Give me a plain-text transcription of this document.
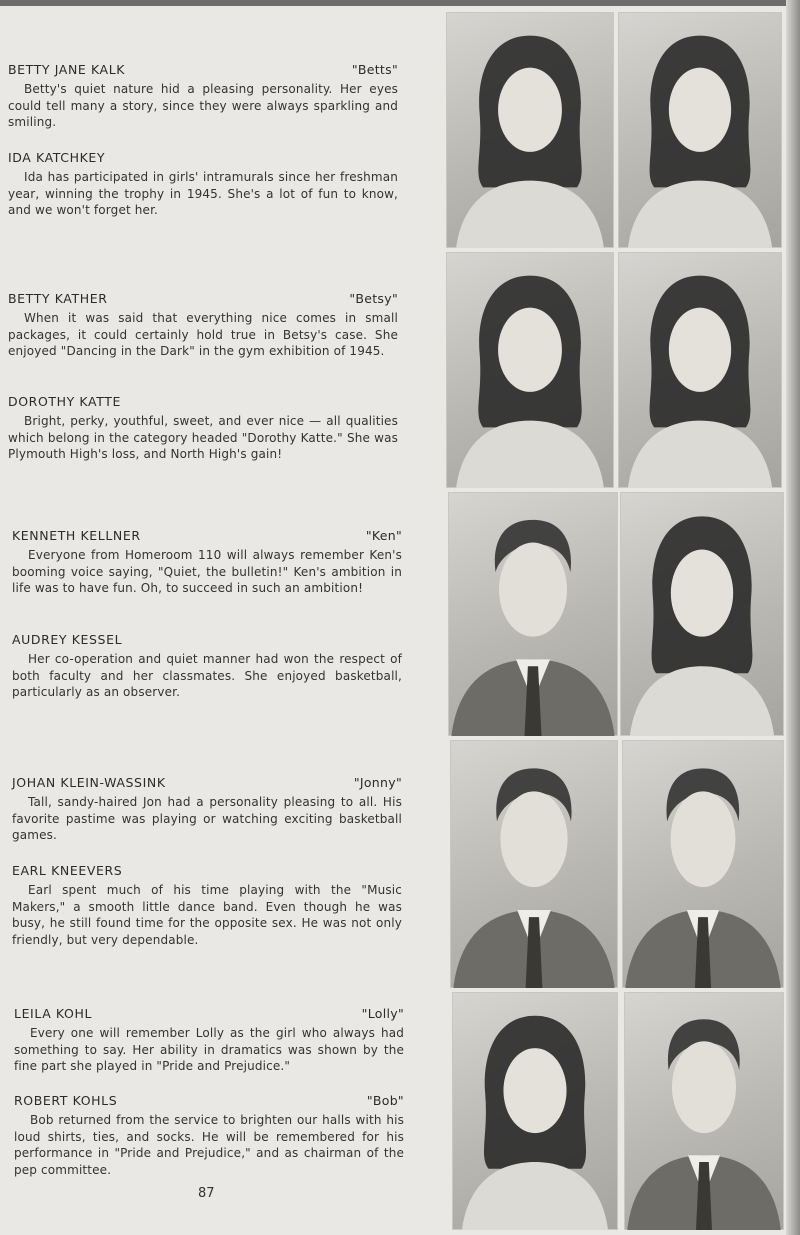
BETTY JANE KALK	"Betts"
Betty's quiet nature hid a pleasing personality. Her eyes could tell many a story, since they were always sparkling and smiling.
IDA KATCHKEY
Ida has participated in girls' intramurals since her freshman year, winning the trophy in 1945. She's a lot of fun to know, and we won't forget her.
BETTY KATHER	"Betsy"
When it was said that everything nice comes in small packages, it could certainly hold true in Betsy's case. She enjoyed "Dancing in the Dark" in the gym exhibition of 1945.
DOROTHY KATTE
Bright, perky, youthful, sweet, and ever nice — all qualities which belong in the category headed "Dorothy Katte." She was Plymouth High's loss, and North High's gain!
KENNETH KELLNER	"Ken"
Everyone from Homeroom 110 will always remember Ken's booming voice saying, "Quiet, the bulletin!" Ken's ambition in life was to have fun. Oh, to succeed in such an ambition!
AUDREY KESSEL
Her co-operation and quiet manner had won the respect of both faculty and her classmates. She enjoyed basketball, particularly as an observer.
JOHAN KLEIN-WASSINK	"Jonny"
Tall, sandy-haired Jon had a personality pleasing to all. His favorite pastime was playing or watching exciting basketball games.
EARL KNEEVERS
Earl spent much of his time playing with the "Music Makers," a smooth little dance band. Even though he was busy, he still found time for the opposite sex. He was not only friendly, but very dependable.
LEILA KOHL	"Lolly"
Every one will remember Lolly as the girl who always had something to say. Her ability in dramatics was shown by the fine part she played in "Pride and Prejudice."
ROBERT KOHLS	"Bob"
Bob returned from the service to brighten our halls with his loud shirts, ties, and socks. He will be remembered for his performance in "Pride and Prejudice," and as chairman of the pep committee.
87
